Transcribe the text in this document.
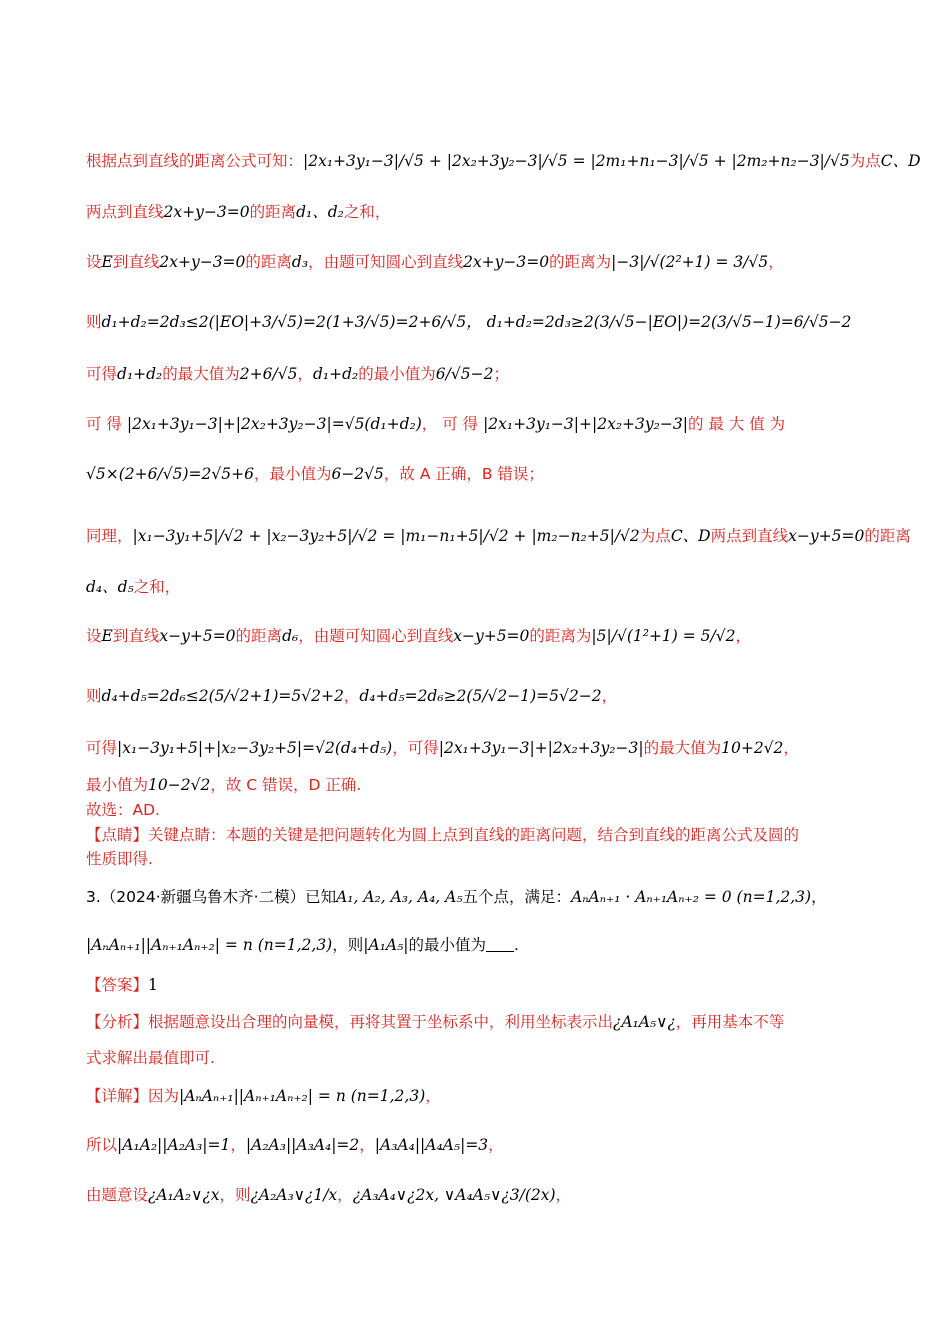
根据点到直线的距离公式可知：|2x₁+3y₁−3|/√5 + |2x₂+3y₂−3|/√5 = |2m₁+n₁−3|/√5 + |2m₂+n₂−3|/√5为点C、D
两点到直线2x+y−3=0的距离d₁、d₂之和，
设E到直线2x+y−3=0的距离d₃，由题可知圆心到直线2x+y−3=0的距离为|−3|/√(2²+1) = 3/√5，
则d₁+d₂=2d₃≤2(|EO|+3/√5)=2(1+3/√5)=2+6/√5， d₁+d₂=2d₃≥2(3/√5−|EO|)=2(3/√5−1)=6/√5−2
可得d₁+d₂的最大值为2+6/√5，d₁+d₂的最小值为6/√5−2；
可 得 |2x₁+3y₁−3|+|2x₂+3y₂−3|=√5(d₁+d₂)， 可 得 |2x₁+3y₁−3|+|2x₂+3y₂−3|的 最 大 值 为
√5×(2+6/√5)=2√5+6，最小值为6−2√5，故 A 正确，B 错误；
同理，|x₁−3y₁+5|/√2 + |x₂−3y₂+5|/√2 = |m₁−n₁+5|/√2 + |m₂−n₂+5|/√2为点C、D两点到直线x−y+5=0的距离
d₄、d₅之和，
设E到直线x−y+5=0的距离d₆，由题可知圆心到直线x−y+5=0的距离为|5|/√(1²+1) = 5/√2，
则d₄+d₅=2d₆≤2(5/√2+1)=5√2+2，d₄+d₅=2d₆≥2(5/√2−1)=5√2−2，
可得|x₁−3y₁+5|+|x₂−3y₂+5|=√2(d₄+d₅)，可得|2x₁+3y₁−3|+|2x₂+3y₂−3|的最大值为10+2√2，
最小值为10−2√2，故 C 错误，D 正确.
故选：AD.
【点睛】关键点睛：本题的关键是把问题转化为圆上点到直线的距离问题，结合到直线的距离公式及圆的
性质即得.
3.（2024·新疆乌鲁木齐·二模）已知A₁, A₂, A₃, A₄, A₅五个点，满足：AₙAₙ₊₁ · Aₙ₊₁Aₙ₊₂ = 0 (n=1,2,3)，
|AₙAₙ₊₁||Aₙ₊₁Aₙ₊₂| = n (n=1,2,3)，则|A₁A₅|的最小值为 .
【答案】1
【分析】根据题意设出合理的向量模，再将其置于坐标系中，利用坐标表示出¿A₁A₅∨¿，再用基本不等
式求解出最值即可.
【详解】因为|AₙAₙ₊₁||Aₙ₊₁Aₙ₊₂| = n (n=1,2,3)，
所以|A₁A₂||A₂A₃|=1，|A₂A₃||A₃A₄|=2，|A₃A₄||A₄A₅|=3，
由题意设¿A₁A₂∨¿x，则¿A₂A₃∨¿1/x，¿A₃A₄∨¿2x, ∨A₄A₅∨¿3/(2x)，
